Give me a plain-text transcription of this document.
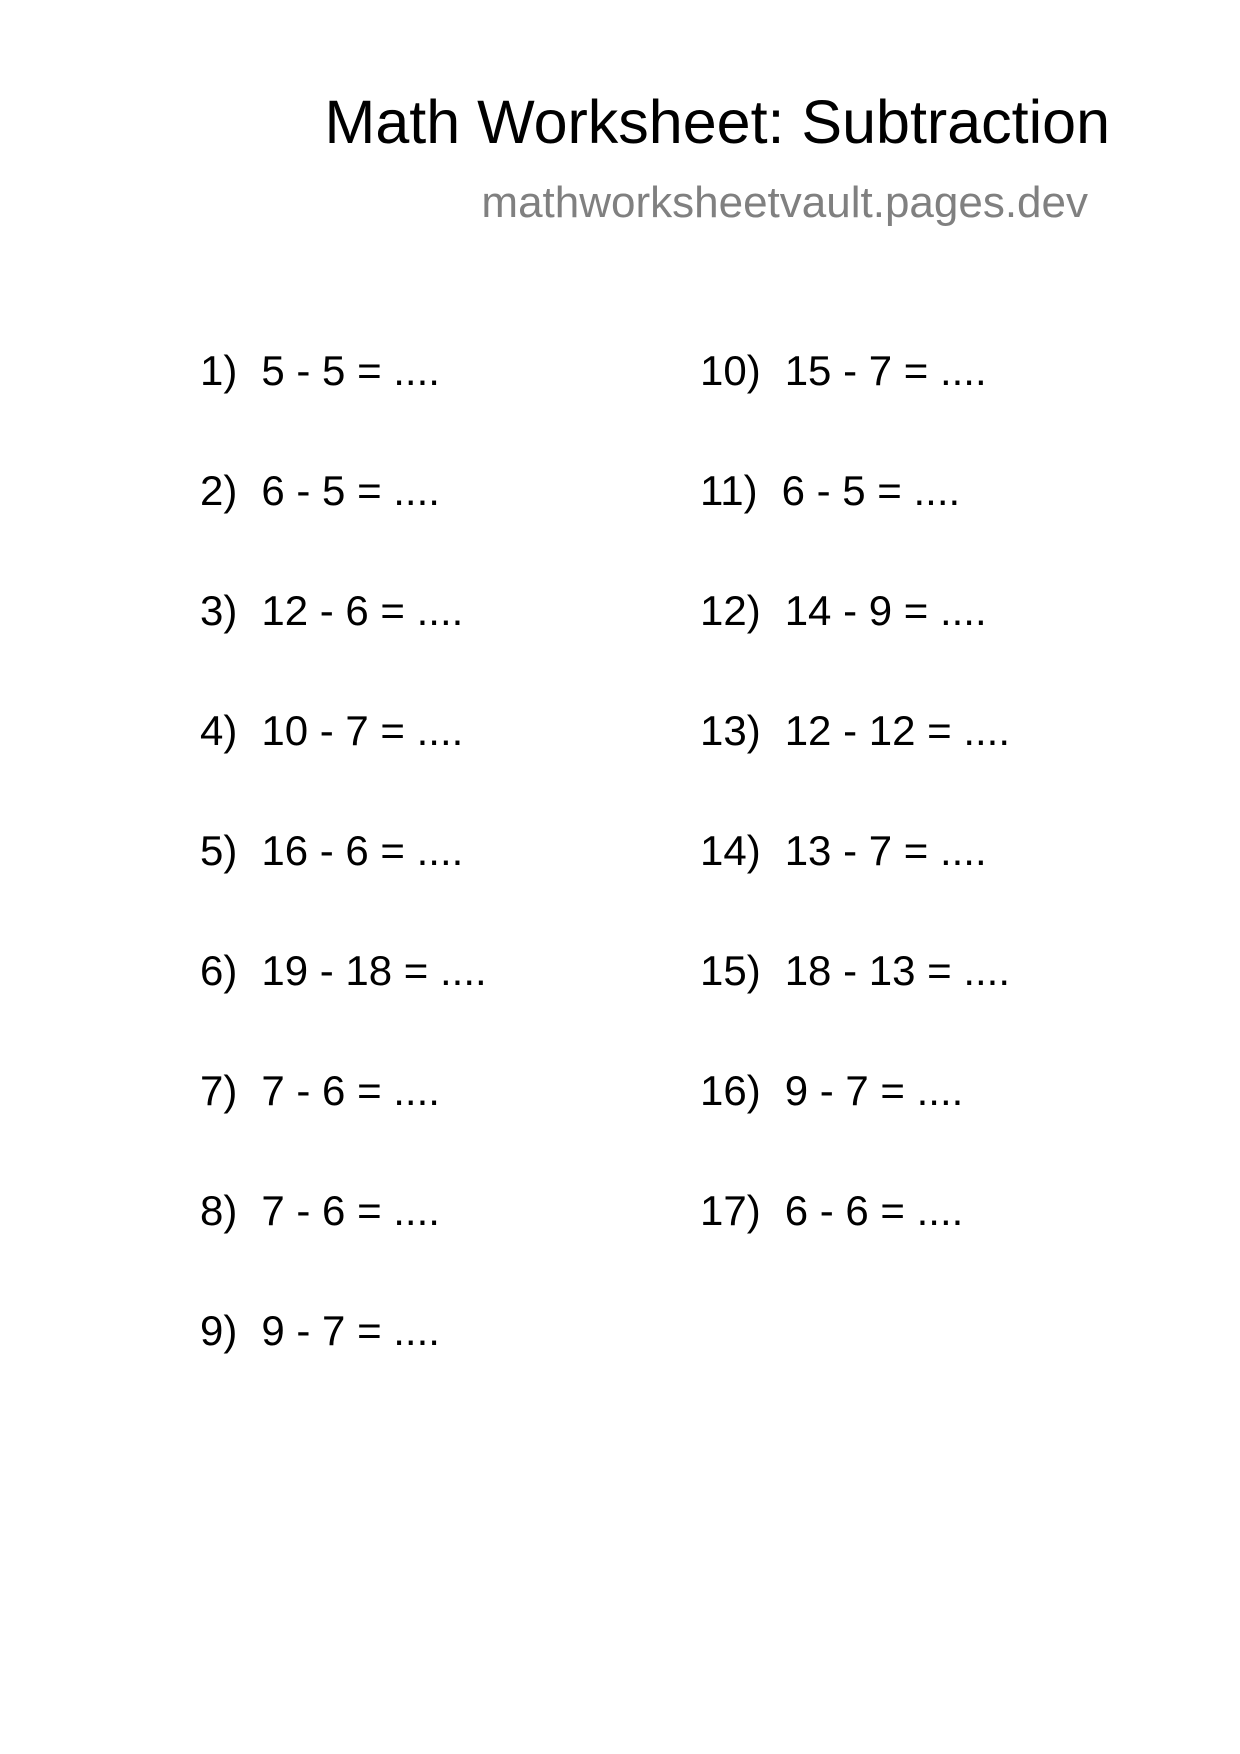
Math Worksheet: Subtraction
mathworksheetvault.pages.dev
1) 5 - 5 = ....
2) 6 - 5 = ....
3) 12 - 6 = ....
4) 10 - 7 = ....
5) 16 - 6 = ....
6) 19 - 18 = ....
7) 7 - 6 = ....
8) 7 - 6 = ....
9) 9 - 7 = ....
10) 15 - 7 = ....
11) 6 - 5 = ....
12) 14 - 9 = ....
13) 12 - 12 = ....
14) 13 - 7 = ....
15) 18 - 13 = ....
16) 9 - 7 = ....
17) 6 - 6 = ....
